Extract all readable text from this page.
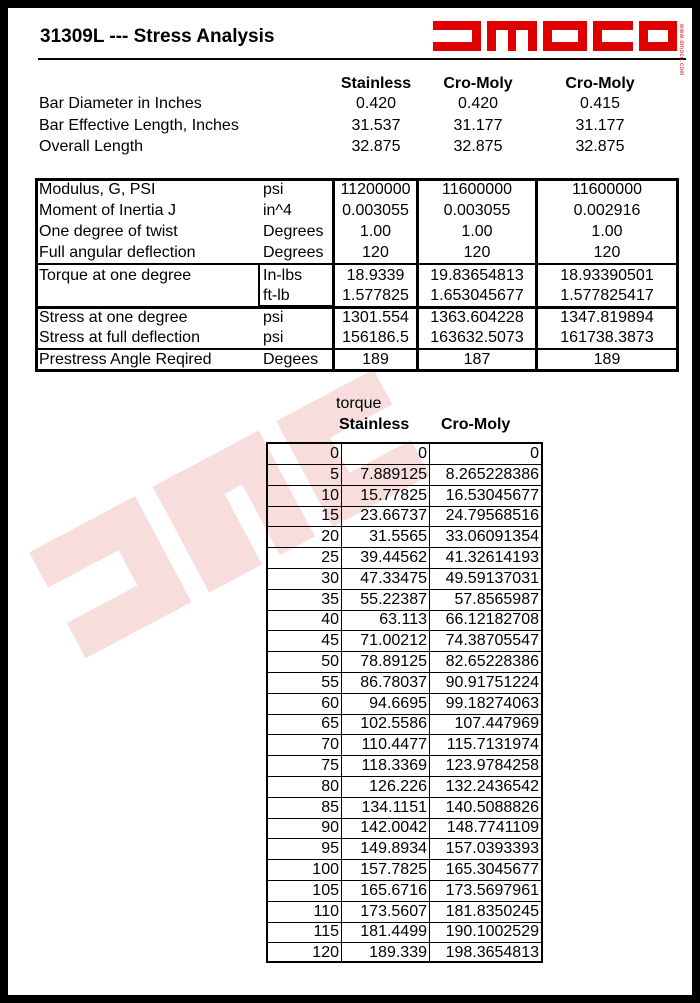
31309L --- Stress Analysis	www.dmoco.com
Stainless	Cro-Moly	Cro-Moly
Bar Diameter in Inches	0.420	0.420	0.415
Bar Effective Length, Inches	31.537	31.177	31.177
Overall Length	32.875	32.875	32.875
Modulus, G, PSI	psi	11200000	11600000	11600000
Moment of Inertia J	in^4	0.003055	0.003055	0.002916
One degree of twist	Degrees	1.00	1.00	1.00
Full angular deflection	Degrees	120	120	120
Torque at one degree	In-lbs	18.9339	19.83654813	18.93390501
ft-lb	1.577825	1.653045677	1.577825417
Stress at one degree	psi	1301.554	1363.604228	1347.819894
Stress at full deflection	psi	156186.5	163632.5073	161738.3873
Prestress Angle Reqired	Degees	189	187	189
torque
Stainless Cro-Moly
0	0	0
5	7.889125	8.265228386
10	15.77825	16.53045677
15	23.66737	24.79568516
20	31.5565	33.06091354
25	39.44562	41.32614193
30	47.33475	49.59137031
35	55.22387	57.8565987
40	63.113	66.12182708
45	71.00212	74.38705547
50	78.89125	82.65228386
55	86.78037	90.91751224
60	94.6695	99.18274063
65	102.5586	107.447969
70	110.4477	115.7131974
75	118.3369	123.9784258
80	126.226	132.2436542
85	134.1151	140.5088826
90	142.0042	148.7741109
95	149.8934	157.0393393
100	157.7825	165.3045677
105	165.6716	173.5697961
110	173.5607	181.8350245
115	181.4499	190.1002529
120	189.339	198.3654813
